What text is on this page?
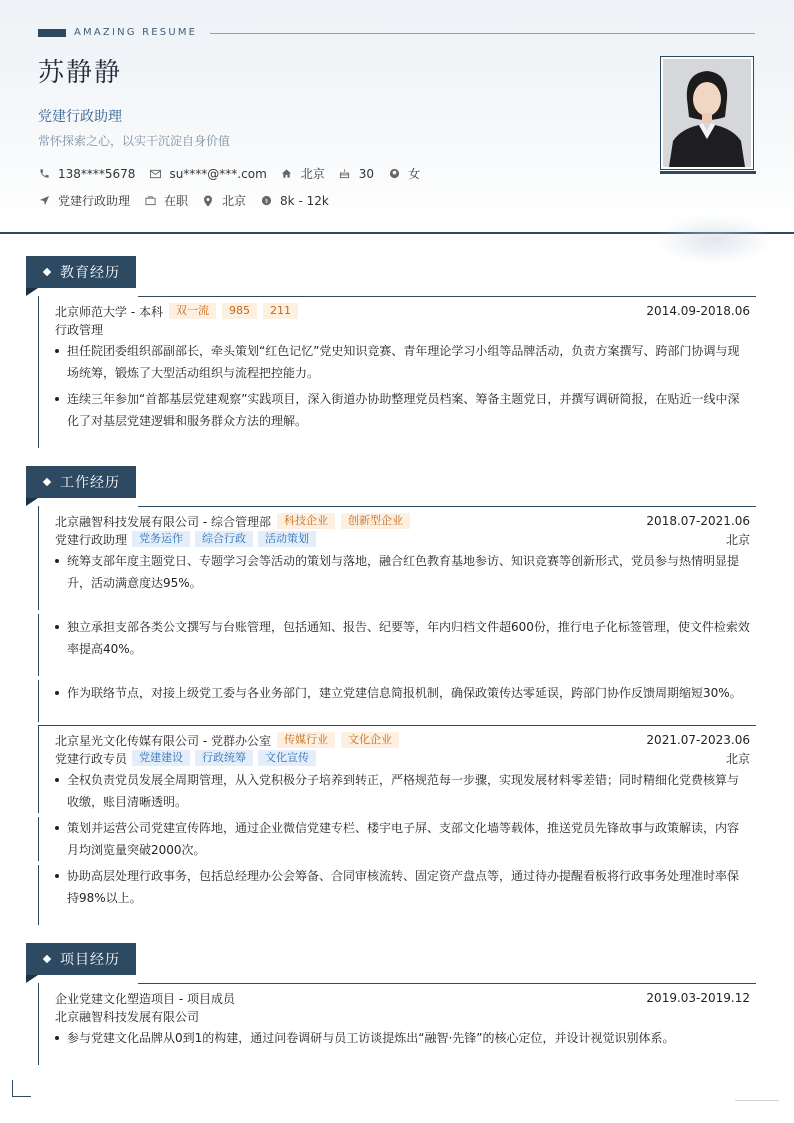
AMAZING RESUME
苏静静
党建行政助理
常怀探索之心，以实干沉淀自身价值
138****5678	su****@***.com	北京	30	女
党建行政助理	在职	北京 $ 8k - 12k
教育经历
北京师范大学 - 本科	双一流	985	211	2014.09-2018.06
行政管理
担任院团委组织部副部长，牵头策划“红色记忆”党史知识竞赛、青年理论学习小组等品牌活动，负责方案撰写、跨部门协调与现场统筹，锻炼了大型活动组织与流程把控能力。
连续三年参加“首都基层党建观察”实践项目，深入街道办协助整理党员档案、筹备主题党日，并撰写调研简报，在贴近一线中深化了对基层党建逻辑和服务群众方法的理解。
工作经历
北京融智科技发展有限公司 - 综合管理部	科技企业	创新型企业	2018.07-2021.06
党建行政助理	党务运作	综合行政	活动策划	北京
统筹支部年度主题党日、专题学习会等活动的策划与落地，融合红色教育基地参访、知识竞赛等创新形式，党员参与热情明显提升，活动满意度达95%。
独立承担支部各类公文撰写与台账管理，包括通知、报告、纪要等，年内归档文件超600份，推行电子化标签管理，使文件检索效率提高40%。
作为联络节点，对接上级党工委与各业务部门，建立党建信息简报机制，确保政策传达零延误，跨部门协作反馈周期缩短30%。
北京星光文化传媒有限公司 - 党群办公室	传媒行业	文化企业	2021.07-2023.06
党建行政专员	党建建设	行政统筹	文化宣传	北京
全权负责党员发展全周期管理，从入党积极分子培养到转正，严格规范每一步骤，实现发展材料零差错；同时精细化党费核算与收缴，账目清晰透明。
策划并运营公司党建宣传阵地，通过企业微信党建专栏、楼宇电子屏、支部文化墙等载体，推送党员先锋故事与政策解读，内容月均浏览量突破2000次。
协助高层处理行政事务，包括总经理办公会筹备、合同审核流转、固定资产盘点等，通过待办提醒看板将行政事务处理准时率保持98%以上。
项目经历
企业党建文化塑造项目 - 项目成员	2019.03-2019.12
北京融智科技发展有限公司
参与党建文化品牌从0到1的构建，通过问卷调研与员工访谈提炼出“融智·先锋”的核心定位，并设计视觉识别体系。
